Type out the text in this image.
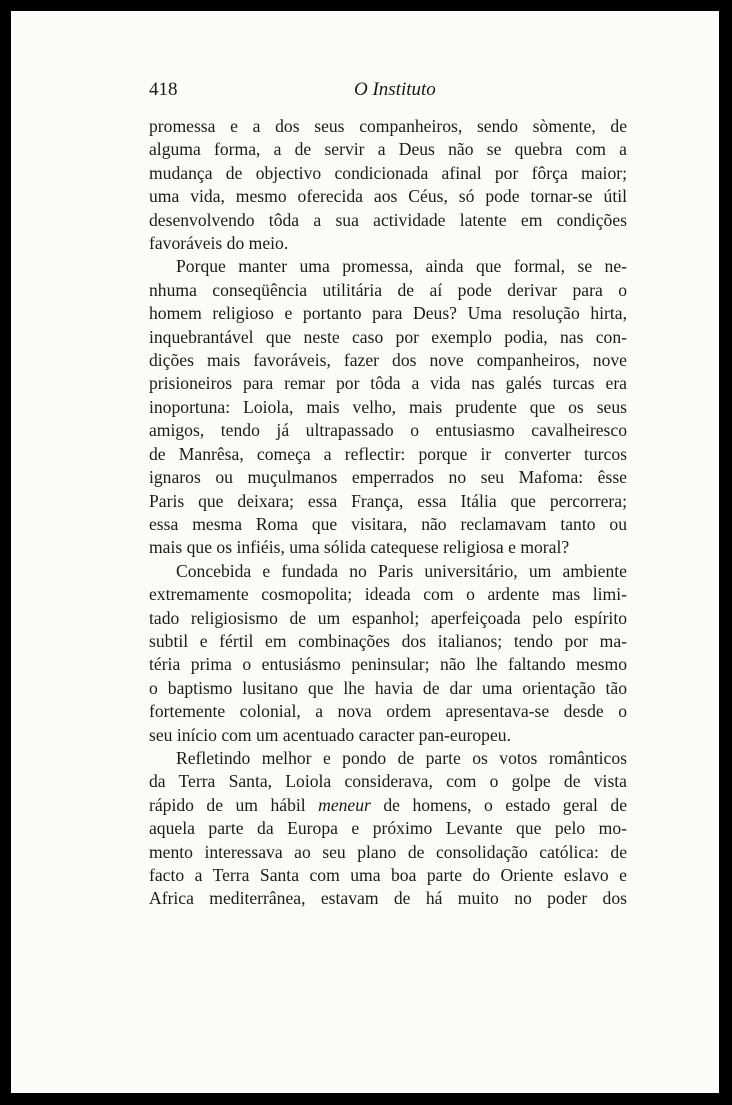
418	O Instituto

promessa e a dos seus companheiros, sendo sòmente, de
alguma forma, a de servir a Deus não se quebra com a
mudança de objectivo condicionada afinal por fôrça maior;
uma vida, mesmo oferecida aos Céus, só pode tornar-se útil
desenvolvendo tôda a sua actividade latente em condições
favoráveis do meio.

Porque manter uma promessa, ainda que formal, se ne-
nhuma conseqüência utilitária de aí pode derivar para o
homem religioso e portanto para Deus? Uma resolução hirta,
inquebrantável que neste caso por exemplo podia, nas con-
dições mais favoráveis, fazer dos nove companheiros, nove
prisioneiros para remar por tôda a vida nas galés turcas era
inoportuna: Loiola, mais velho, mais prudente que os seus
amigos, tendo já ultrapassado o entusiasmo cavalheiresco
de Manrêsa, começa a reflectir: porque ir converter turcos
ignaros ou muçulmanos emperrados no seu Mafoma: êsse
Paris que deixara; essa França, essa Itália que percorrera;
essa mesma Roma que visitara, não reclamavam tanto ou
mais que os infiéis, uma sólida catequese religiosa e moral?

Concebida e fundada no Paris universitário, um ambiente
extremamente cosmopolita; ideada com o ardente mas limi-
tado religiosismo de um espanhol; aperfeiçoada pelo espírito
subtil e fértil em combinações dos italianos; tendo por ma-
téria prima o entusiásmo peninsular; não lhe faltando mesmo
o baptismo lusitano que lhe havia de dar uma orientação tão
fortemente colonial, a nova ordem apresentava-se desde o
seu início com um acentuado caracter pan-europeu.

Refletindo melhor e pondo de parte os votos românticos
da Terra Santa, Loiola considerava, com o golpe de vista
rápido de um hábil meneur de homens, o estado geral de
aquela parte da Europa e próximo Levante que pelo mo-
mento interessava ao seu plano de consolidação católica: de
facto a Terra Santa com uma boa parte do Oriente eslavo e
Africa mediterrânea, estavam de há muito no poder dos
